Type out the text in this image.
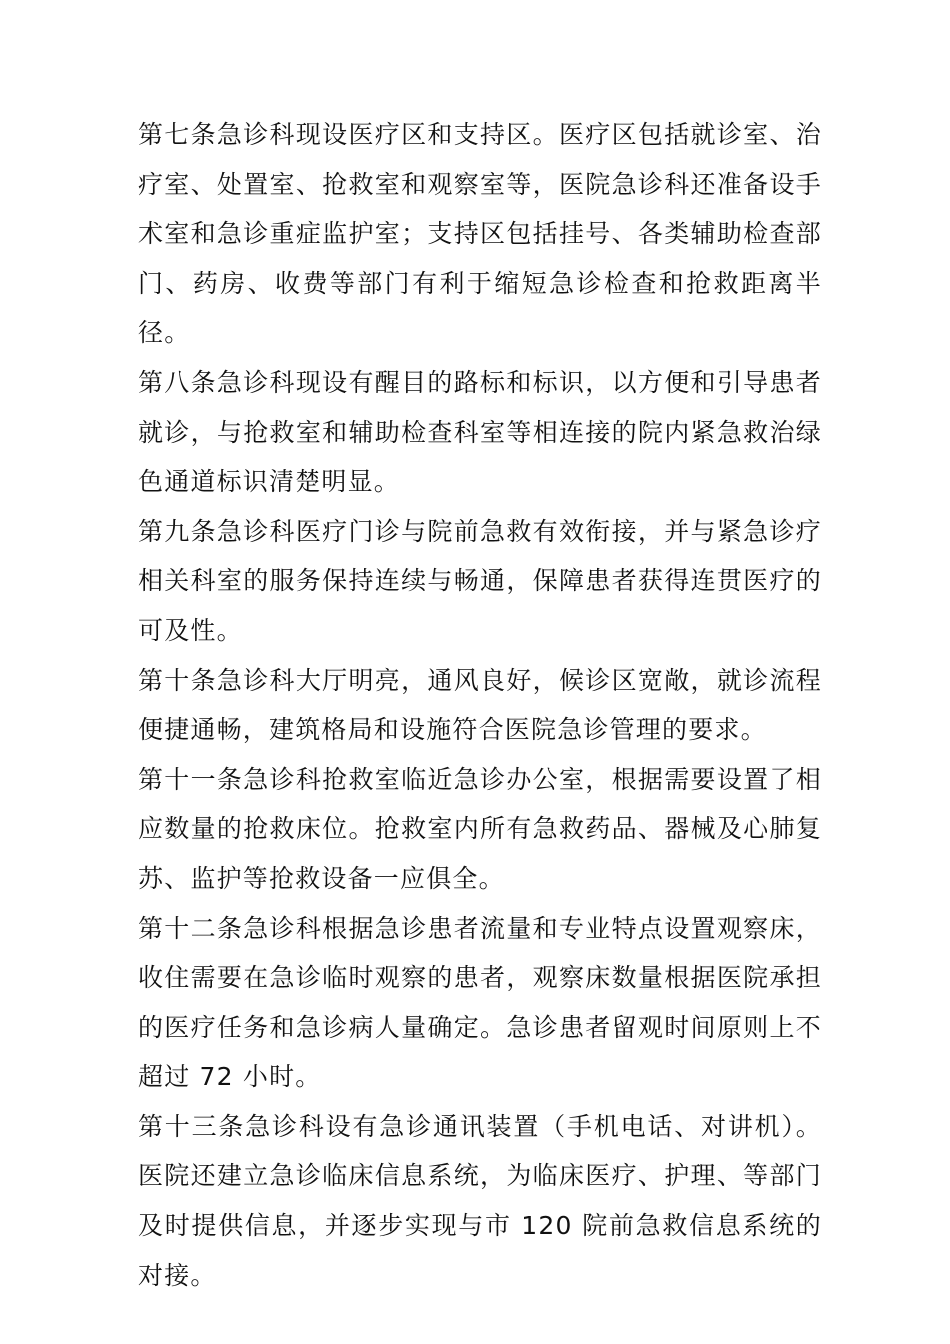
第七条急诊科现设医疗区和支持区。医疗区包括就诊室、治疗室、处置室、抢救室和观察室等，医院急诊科还准备设手术室和急诊重症监护室；支持区包括挂号、各类辅助检查部门、药房、收费等部门有利于缩短急诊检查和抢救距离半径。

第八条急诊科现设有醒目的路标和标识，以方便和引导患者就诊，与抢救室和辅助检查科室等相连接的院内紧急救治绿色通道标识清楚明显。

第九条急诊科医疗门诊与院前急救有效衔接，并与紧急诊疗相关科室的服务保持连续与畅通，保障患者获得连贯医疗的可及性。

第十条急诊科大厅明亮，通风良好，候诊区宽敞，就诊流程便捷通畅，建筑格局和设施符合医院急诊管理的要求。

第十一条急诊科抢救室临近急诊办公室，根据需要设置了相应数量的抢救床位。抢救室内所有急救药品、器械及心肺复苏、监护等抢救设备一应俱全。

第十二条急诊科根据急诊患者流量和专业特点设置观察床，收住需要在急诊临时观察的患者，观察床数量根据医院承担的医疗任务和急诊病人量确定。急诊患者留观时间原则上不超过 72 小时。

第十三条急诊科设有急诊通讯装置（手机电话、对讲机）。医院还建立急诊临床信息系统，为临床医疗、护理、等部门及时提供信息，并逐步实现与市 120 院前急救信息系统的对接。
